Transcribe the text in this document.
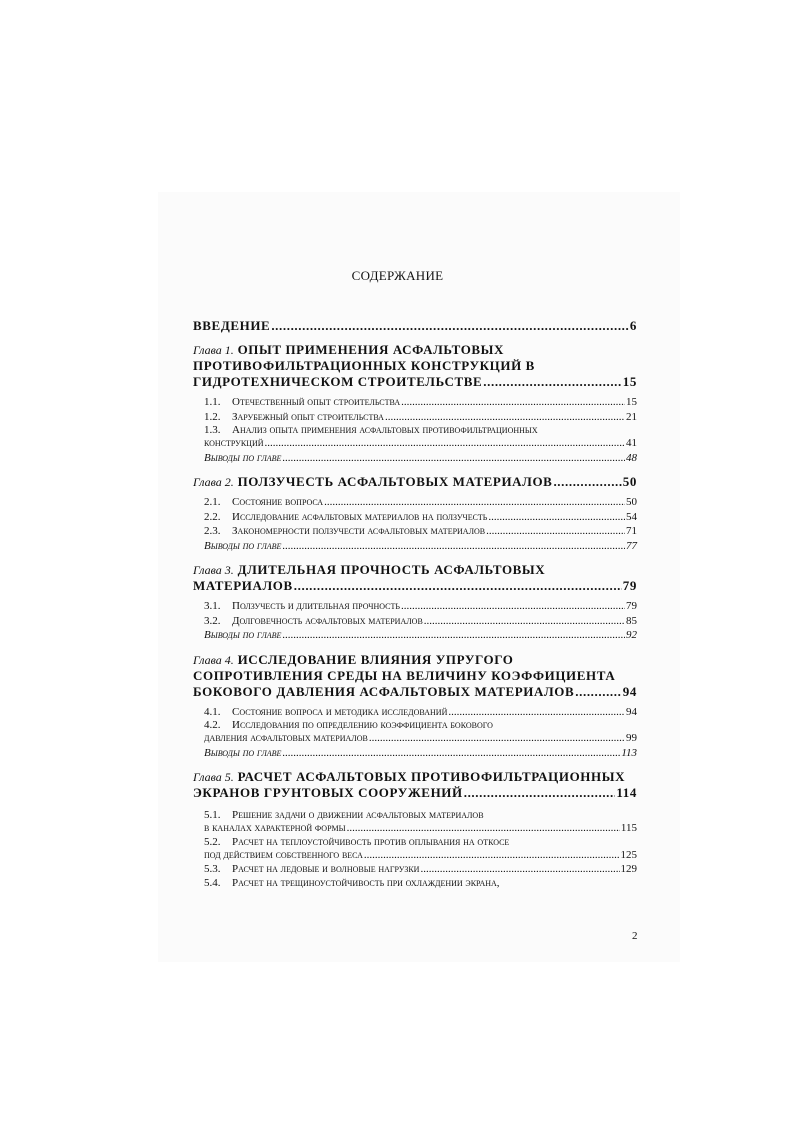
СОДЕРЖАНИЕ
ВВЕДЕНИЕ .....	6
Глава 1. ОПЫТ ПРИМЕНЕНИЯ АСФАЛЬТОВЫХ
ПРОТИВОФИЛЬТРАЦИОННЫХ КОНСТРУКЦИЙ В
ГИДРОТЕХНИЧЕСКОМ СТРОИТЕЛЬСТВЕ .....	15
1.1. Отечественный опыт строительства .....	15
1.2. Зарубежный опыт строительства .....	21
1.3. Анализ опыта применения асфальтовых противофильтрационных
конструкций .....	41
Выводы по главе .....	48
Глава 2. ПОЛЗУЧЕСТЬ АСФАЛЬТОВЫХ МАТЕРИАЛОВ .....	50
2.1. Состояние вопроса .....	50
2.2. Исследование асфальтовых материалов на ползучесть .....	54
2.3. Закономерности ползучести асфальтовых материалов .....	71
Выводы по главе .....	77
Глава 3. ДЛИТЕЛЬНАЯ ПРОЧНОСТЬ АСФАЛЬТОВЫХ
МАТЕРИАЛОВ .....	79
3.1. Ползучесть и длительная прочность .....	79
3.2. Долговечность асфальтовых материалов .....	85
Выводы по главе .....	92
Глава 4. ИССЛЕДОВАНИЕ ВЛИЯНИЯ УПРУГОГО
СОПРОТИВЛЕНИЯ СРЕДЫ НА ВЕЛИЧИНУ КОЭФФИЦИЕНТА
БОКОВОГО ДАВЛЕНИЯ АСФАЛЬТОВЫХ МАТЕРИАЛОВ .....	94
4.1. Состояние вопроса и методика исследований .....	94
4.2. Исследования по определению коэффициента бокового
давления асфальтовых материалов .....	99
Выводы по главе .....	113
Глава 5. РАСЧЕТ АСФАЛЬТОВЫХ ПРОТИВОФИЛЬТРАЦИОННЫХ
ЭКРАНОВ ГРУНТОВЫХ СООРУЖЕНИЙ .....	114
5.1. Решение задачи о движении асфальтовых материалов
в каналах характерной формы .....	115
5.2. Расчет на теплоустойчивость против оплывания на откосе
под действием собственного веса .....	125
5.3. Расчет на ледовые и волновые нагрузки .....	129
5.4. Расчет на трещиноустойчивость при охлаждении экрана,
2
